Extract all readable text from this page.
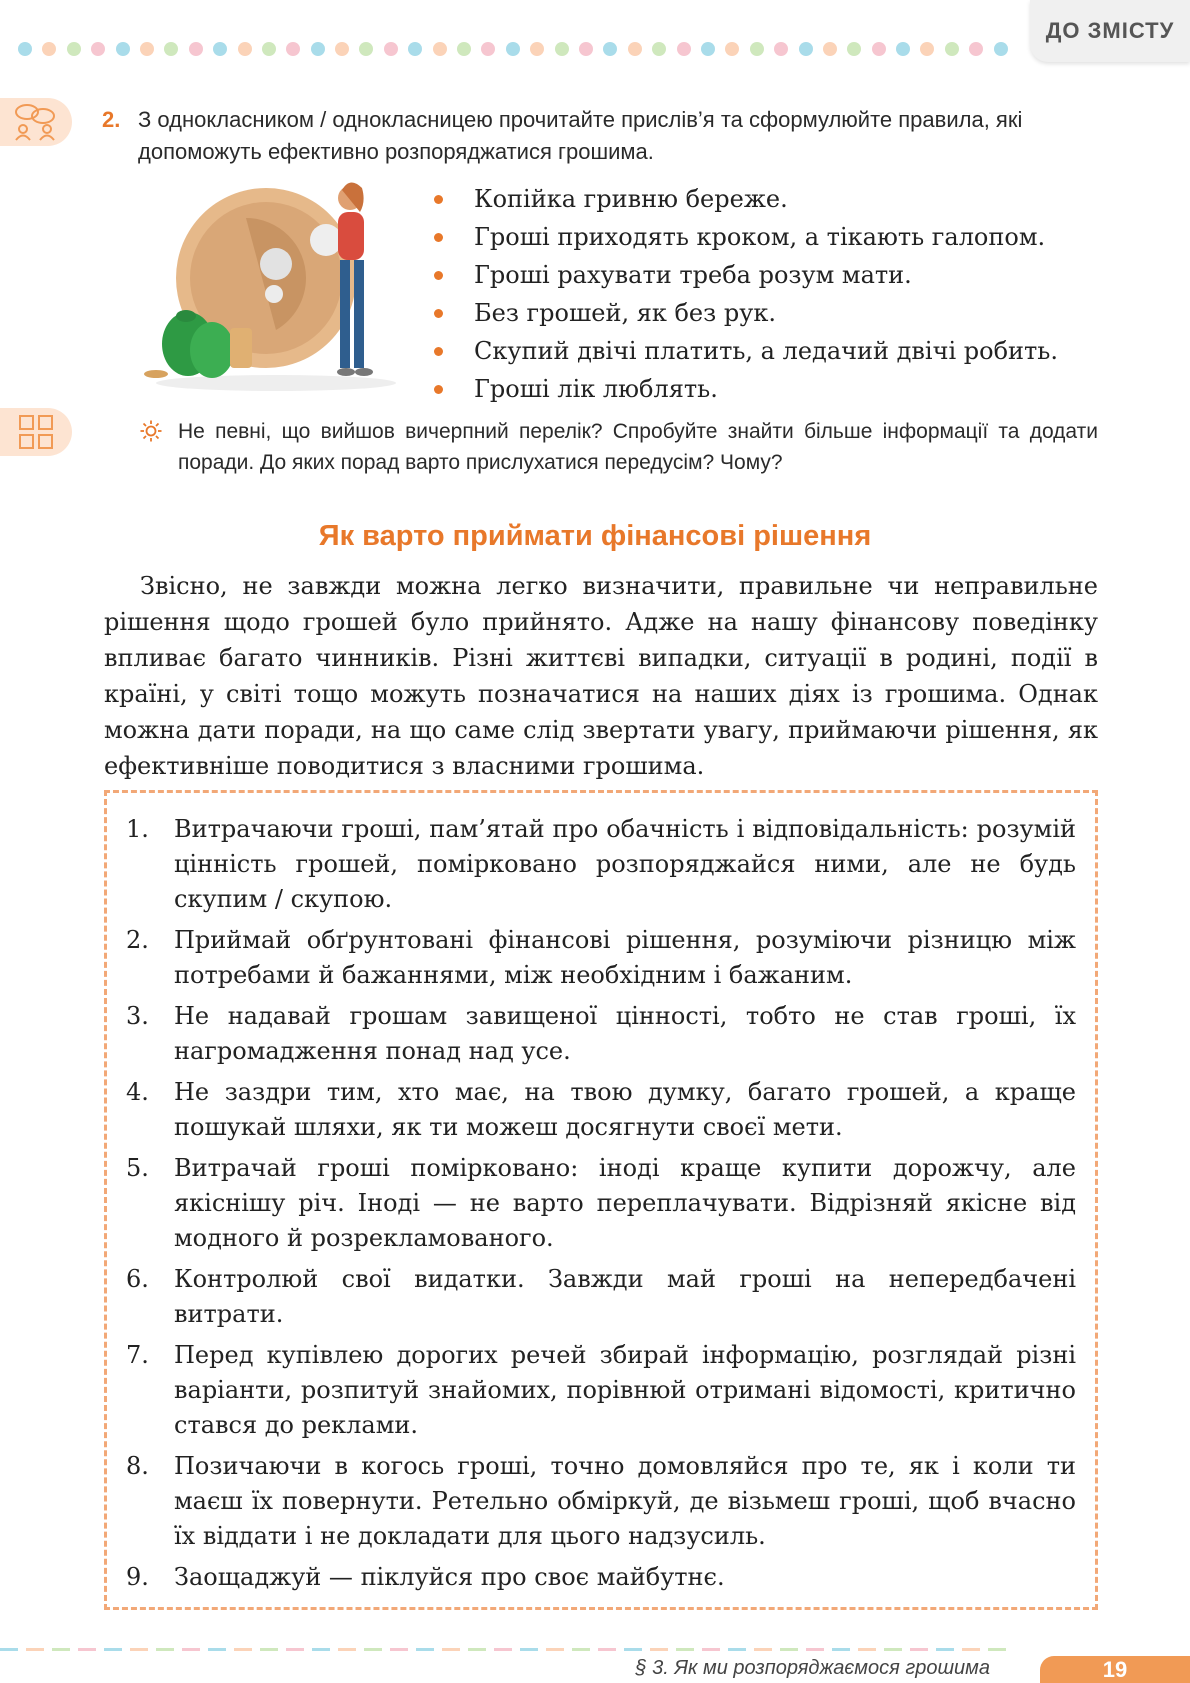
ДО ЗМІСТУ
2. З однокласником / однокласницею прочитайте прислів’я та сформулюйте правила, які допоможуть ефективно розпоряджатися грошима.
Копійка гривню береже.
Гроші приходять кроком, а тікають галопом.
Гроші рахувати треба розум мати.
Без грошей, як без рук.
Скупий двічі платить, а ледачий двічі робить.
Гроші лік люблять.
Не певні, що вийшов вичерпний перелік? Спробуйте знайти більше інформації та додати поради. До яких порад варто прислухатися передусім? Чому?
Як варто приймати фінансові рішення

Звісно, не завжди можна легко визначити, правильне чи неправильне рішення щодо грошей було прийнято. Адже на нашу фінансову поведінку впливає багато чинників. Різні життєві випадки, ситуації в родині, події в країні, у світі тощо можуть позначатися на наших діях із грошима. Однак можна дати поради, на що саме слід звертати увагу, приймаючи рішення, як ефективніше поводитися з власними грошима.

1. Витрачаючи гроші, пам’ятай про обачність і відповідальність: розумій цінність грошей, помірковано розпоряджайся ними, але не будь скупим / скупою.
2. Приймай обґрунтовані фінансові рішення, розуміючи різницю між потребами й бажаннями, між необхідним і бажаним.
3. Не надавай грошам завищеної цінності, тобто не став гроші, їх нагромадження понад над усе.
4. Не заздри тим, хто має, на твою думку, багато грошей, а краще пошукай шляхи, як ти можеш досягнути своєї мети.
5. Витрачай гроші помірковано: іноді краще купити дорожчу, але якіснішу річ. Іноді — не варто переплачувати. Відрізняй якісне від модного й розрекламованого.
6. Контролюй свої видатки. Завжди май гроші на непередбачені витрати.
7. Перед купівлею дорогих речей збирай інформацію, розглядай різні варіанти, розпитуй знайомих, порівнюй отримані відомості, критично стався до реклами.
8. Позичаючи в когось гроші, точно домовляйся про те, як і коли ти маєш їх повернути. Ретельно обміркуй, де візьмеш гроші, щоб вчасно їх віддати і не докладати для цього надзусиль.
9. Заощаджуй — піклуйся про своє майбутнє.
§ 3. Як ми розпоряджаємося грошима	19
